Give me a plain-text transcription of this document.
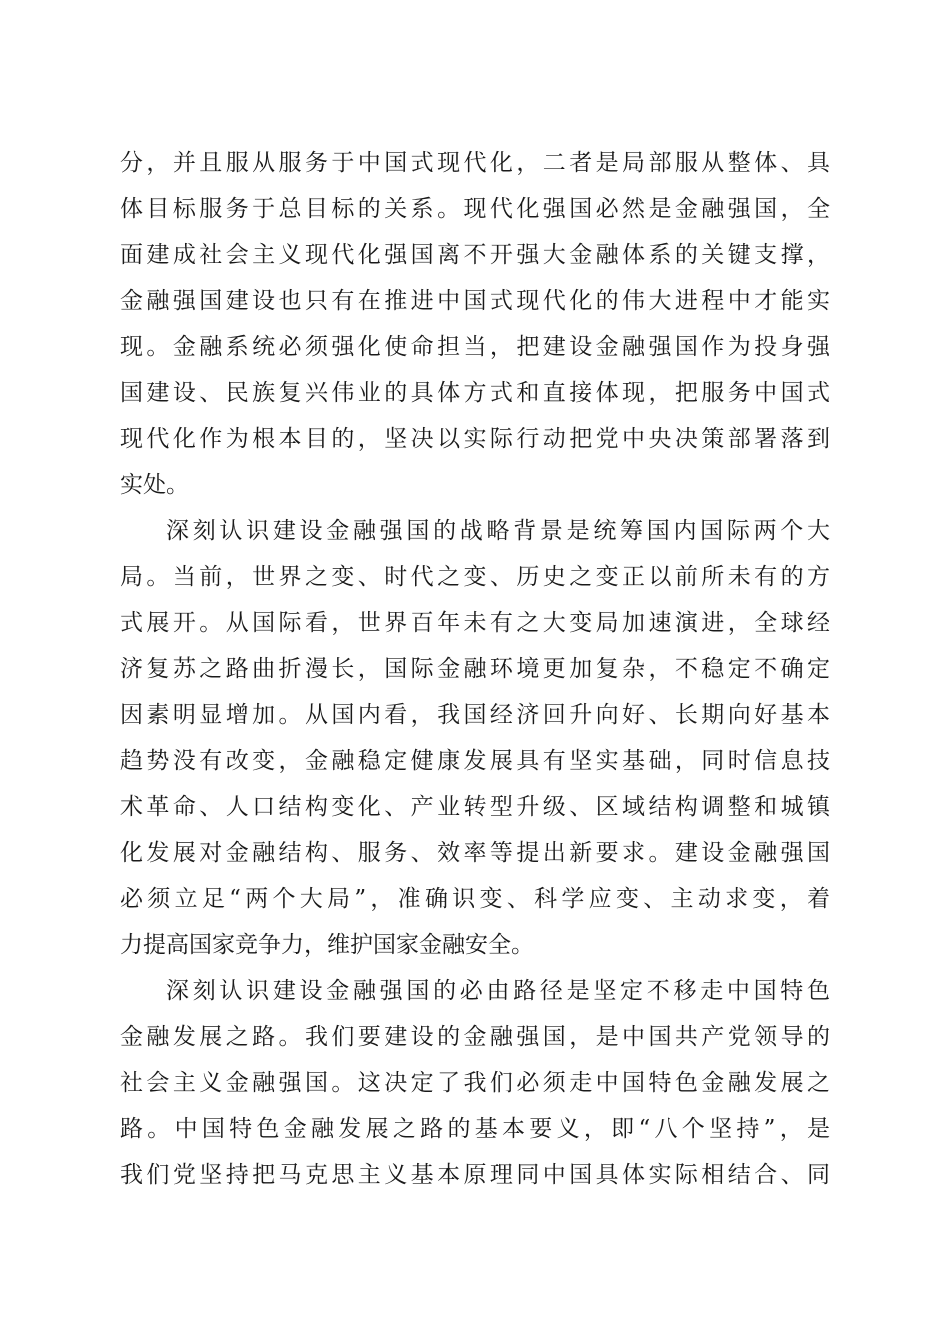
分，并且服从服务于中国式现代化，二者是局部服从整体、具
体目标服务于总目标的关系。现代化强国必然是金融强国，全
面建成社会主义现代化强国离不开强大金融体系的关键支撑，
金融强国建设也只有在推进中国式现代化的伟大进程中才能实
现。金融系统必须强化使命担当，把建设金融强国作为投身强
国建设、民族复兴伟业的具体方式和直接体现，把服务中国式
现代化作为根本目的，坚决以实际行动把党中央决策部署落到
实处。
深刻认识建设金融强国的战略背景是统筹国内国际两个大
局。当前，世界之变、时代之变、历史之变正以前所未有的方
式展开。从国际看，世界百年未有之大变局加速演进，全球经
济复苏之路曲折漫长，国际金融环境更加复杂，不稳定不确定
因素明显增加。从国内看，我国经济回升向好、长期向好基本
趋势没有改变，金融稳定健康发展具有坚实基础，同时信息技
术革命、人口结构变化、产业转型升级、区域结构调整和城镇
化发展对金融结构、服务、效率等提出新要求。建设金融强国
必须立足“两个大局”，准确识变、科学应变、主动求变，着
力提高国家竞争力，维护国家金融安全。
深刻认识建设金融强国的必由路径是坚定不移走中国特色
金融发展之路。我们要建设的金融强国，是中国共产党领导的
社会主义金融强国。这决定了我们必须走中国特色金融发展之
路。中国特色金融发展之路的基本要义，即“八个坚持”，是
我们党坚持把马克思主义基本原理同中国具体实际相结合、同
